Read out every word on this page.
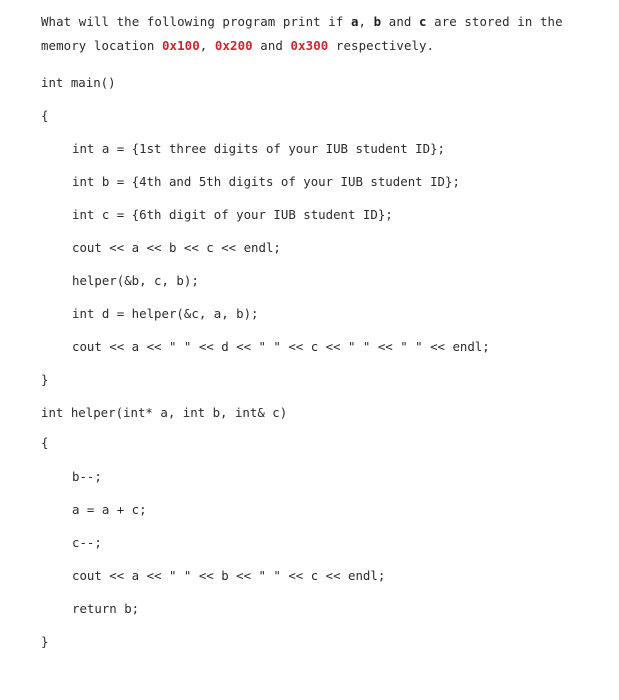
What will the following program print if a, b and c are stored in the memory location 0x100, 0x200 and 0x300 respectively.
int main()
{
int a = {1st three digits of your IUB student ID};
int b = {4th and 5th digits of your IUB student ID};
int c = {6th digit of your IUB student ID};
cout << a << b << c << endl;
helper(&b, c, b);
int d = helper(&c, a, b);
cout << a << " " << d << " " << c << " " << " " << endl;
}
int helper(int* a, int b, int& c)
{
b--;
a = a + c;
c--;
cout << a << " " << b << " " << c << endl;
return b;
}
